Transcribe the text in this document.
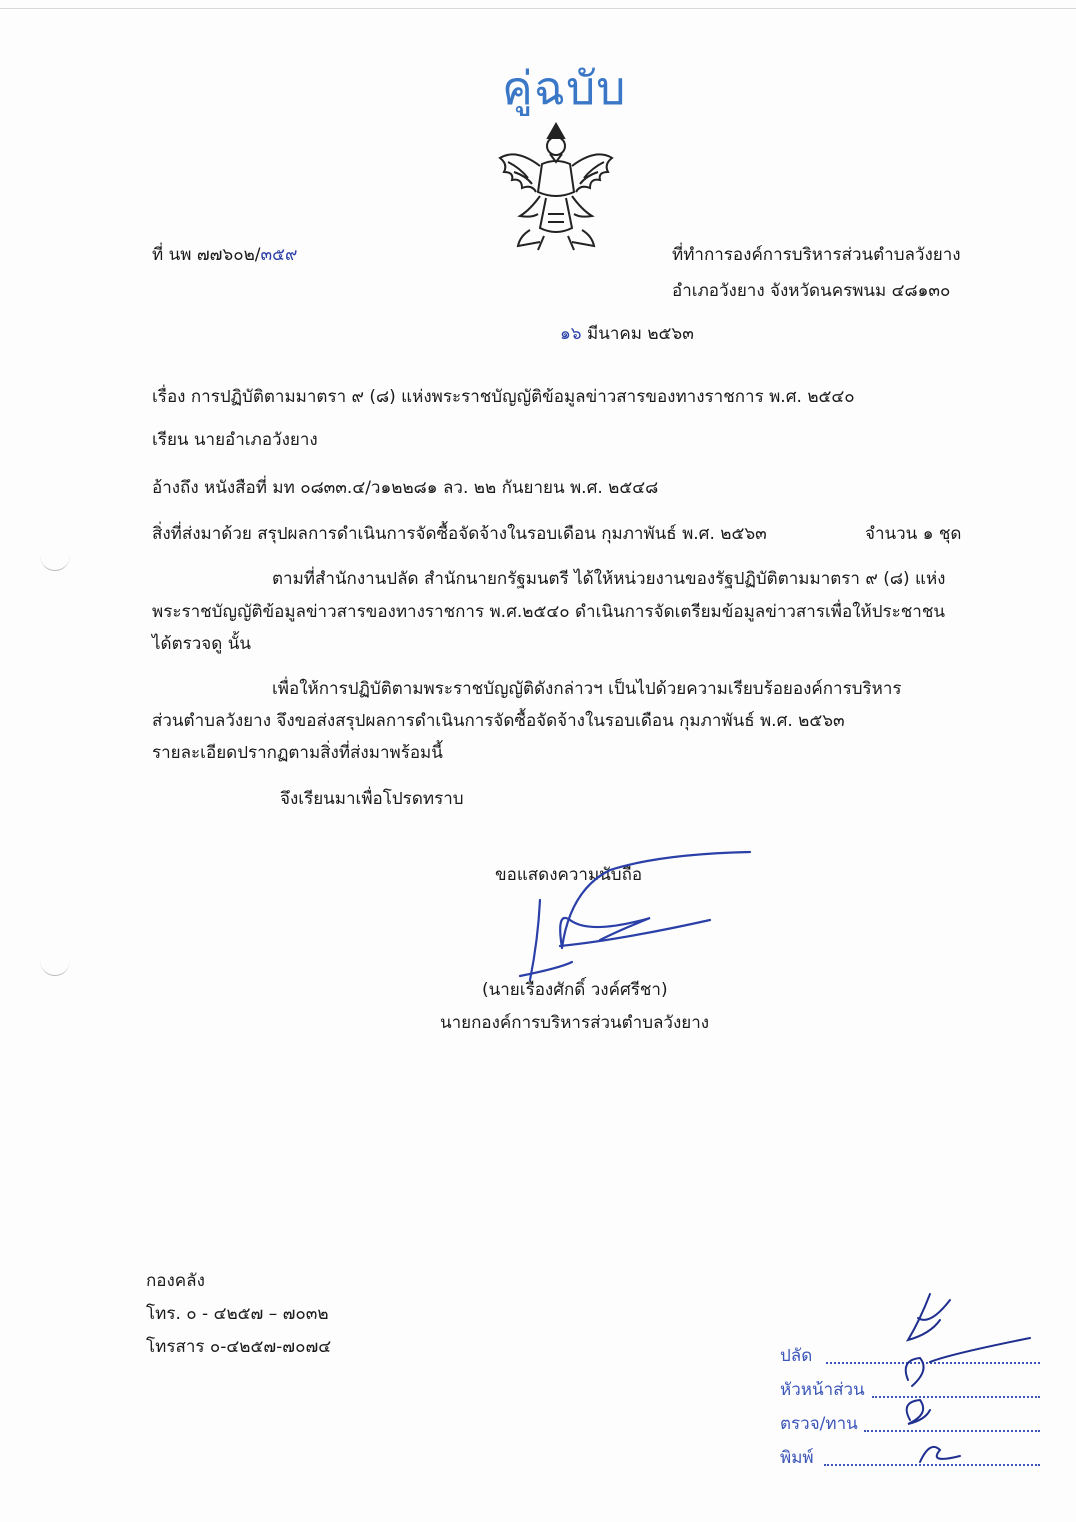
คู่ฉบับ
ที่ นพ ๗๗๖๐๒/๓๕๙	ที่ทำการองค์การบริหารส่วนตำบลวังยาง
อำเภอวังยาง จังหวัดนครพนม ๔๘๑๓๐
๑๖ มีนาคม ๒๕๖๓
เรื่อง การปฏิบัติตามมาตรา ๙ (๘) แห่งพระราชบัญญัติข้อมูลข่าวสารของทางราชการ พ.ศ. ๒๕๔๐
เรียน นายอำเภอวังยาง
อ้างถึง หนังสือที่ มท ๐๘๓๓.๔/ว๑๒๒๘๑ ลว. ๒๒ กันยายน พ.ศ. ๒๕๔๘
สิ่งที่ส่งมาด้วย สรุปผลการดำเนินการจัดซื้อจัดจ้างในรอบเดือน กุมภาพันธ์ พ.ศ. ๒๕๖๓	จำนวน ๑ ชุด
ตามที่สำนักงานปลัด สำนักนายกรัฐมนตรี ได้ให้หน่วยงานของรัฐปฏิบัติตามมาตรา ๙ (๘) แห่ง
พระราชบัญญัติข้อมูลข่าวสารของทางราชการ พ.ศ.๒๕๔๐ ดำเนินการจัดเตรียมข้อมูลข่าวสารเพื่อให้ประชาชน
ได้ตรวจดู นั้น
เพื่อให้การปฏิบัติตามพระราชบัญญัติดังกล่าวฯ เป็นไปด้วยความเรียบร้อยองค์การบริหาร
ส่วนตำบลวังยาง จึงขอส่งสรุปผลการดำเนินการจัดซื้อจัดจ้างในรอบเดือน กุมภาพันธ์ พ.ศ. ๒๕๖๓
รายละเอียดปรากฏตามสิ่งที่ส่งมาพร้อมนี้
จึงเรียนมาเพื่อโปรดทราบ
ขอแสดงความนับถือ
(นายเรืองศักดิ์ วงค์ศรีชา)
นายกองค์การบริหารส่วนตำบลวังยาง
กองคลัง
โทร. ๐ - ๔๒๕๗ – ๗๐๓๒
โทรสาร ๐-๔๒๕๗-๗๐๗๔	ปลัด
หัวหน้าส่วน
ตรวจ/ทาน
พิมพ์
